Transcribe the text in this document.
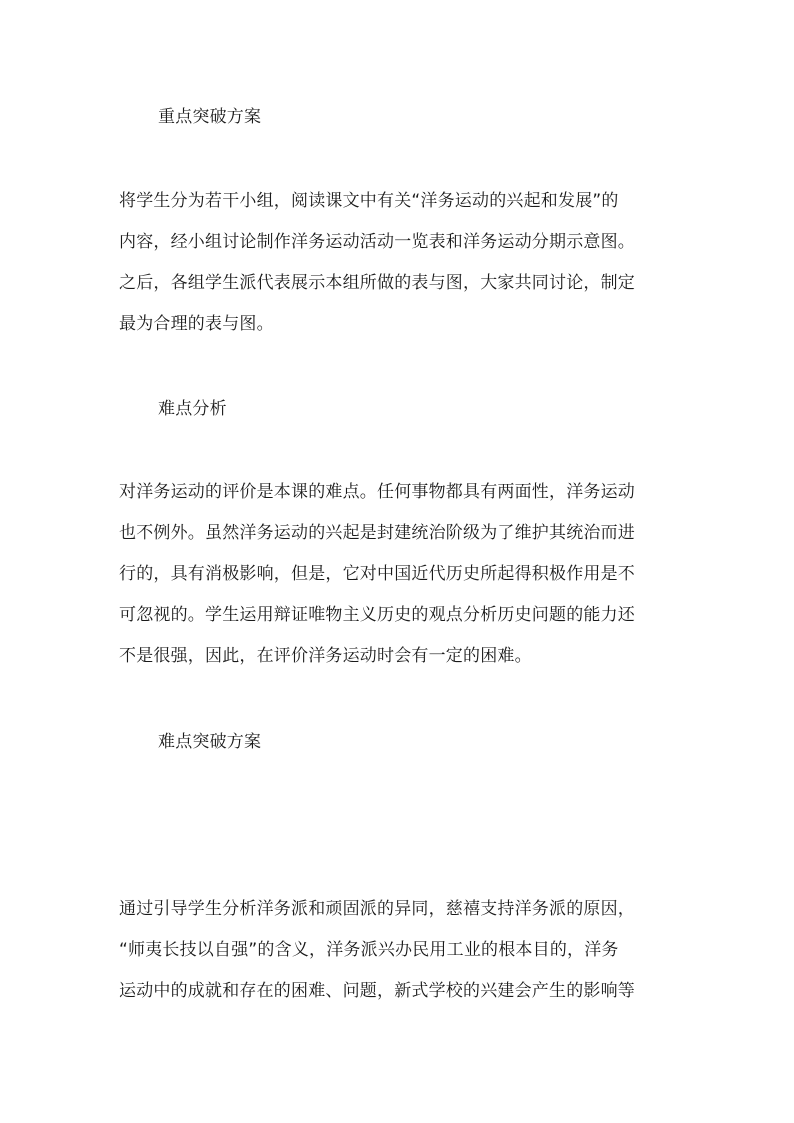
重点突破方案
将学生分为若干小组，阅读课文中有关“洋务运动的兴起和发展”的
内容，经小组讨论制作洋务运动活动一览表和洋务运动分期示意图。
之后，各组学生派代表展示本组所做的表与图，大家共同讨论，制定
最为合理的表与图。
难点分析
对洋务运动的评价是本课的难点。任何事物都具有两面性，洋务运动
也不例外。虽然洋务运动的兴起是封建统治阶级为了维护其统治而进
行的，具有消极影响，但是，它对中国近代历史所起得积极作用是不
可忽视的。学生运用辩证唯物主义历史的观点分析历史问题的能力还
不是很强，因此，在评价洋务运动时会有一定的困难。
难点突破方案
通过引导学生分析洋务派和顽固派的异同，慈禧支持洋务派的原因，
“师夷长技以自强”的含义，洋务派兴办民用工业的根本目的，洋务
运动中的成就和存在的困难、问题，新式学校的兴建会产生的影响等
